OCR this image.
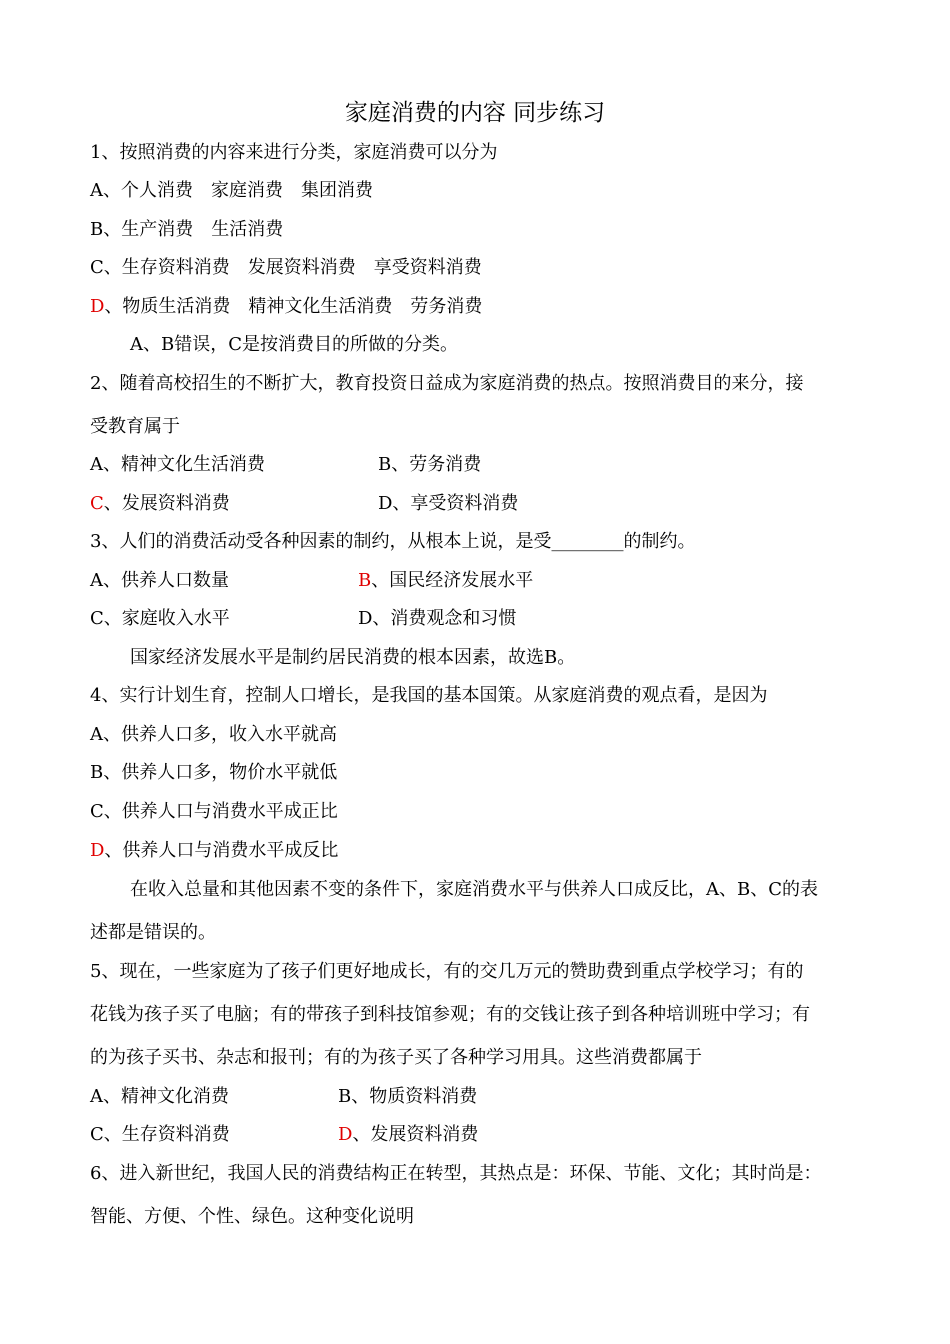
家庭消费的内容 同步练习
1、按照消费的内容来进行分类，家庭消费可以分为
A、个人消费　家庭消费　集团消费
B、生产消费　生活消费
C、生存资料消费　发展资料消费　享受资料消费
D、物质生活消费　精神文化生活消费　劳务消费
A、B错误，C是按消费目的所做的分类。
2、随着高校招生的不断扩大，教育投资日益成为家庭消费的热点。按照消费目的来分，接
受教育属于
A、精神文化生活消费	B、劳务消费
C、发展资料消费	D、享受资料消费
3、人们的消费活动受各种因素的制约，从根本上说，是受________的制约。
A、供养人口数量	B、国民经济发展水平
C、家庭收入水平	D、消费观念和习惯
国家经济发展水平是制约居民消费的根本因素，故选B。
4、实行计划生育，控制人口增长，是我国的基本国策。从家庭消费的观点看，是因为
A、供养人口多，收入水平就高
B、供养人口多，物价水平就低
C、供养人口与消费水平成正比
D、供养人口与消费水平成反比
在收入总量和其他因素不变的条件下，家庭消费水平与供养人口成反比，A、B、C的表
述都是错误的。
5、现在，一些家庭为了孩子们更好地成长，有的交几万元的赞助费到重点学校学习；有的
花钱为孩子买了电脑；有的带孩子到科技馆参观；有的交钱让孩子到各种培训班中学习；有
的为孩子买书、杂志和报刊；有的为孩子买了各种学习用具。这些消费都属于
A、精神文化消费	B、物质资料消费
C、生存资料消费	D、发展资料消费
6、进入新世纪，我国人民的消费结构正在转型，其热点是：环保、节能、文化；其时尚是：
智能、方便、个性、绿色。这种变化说明
